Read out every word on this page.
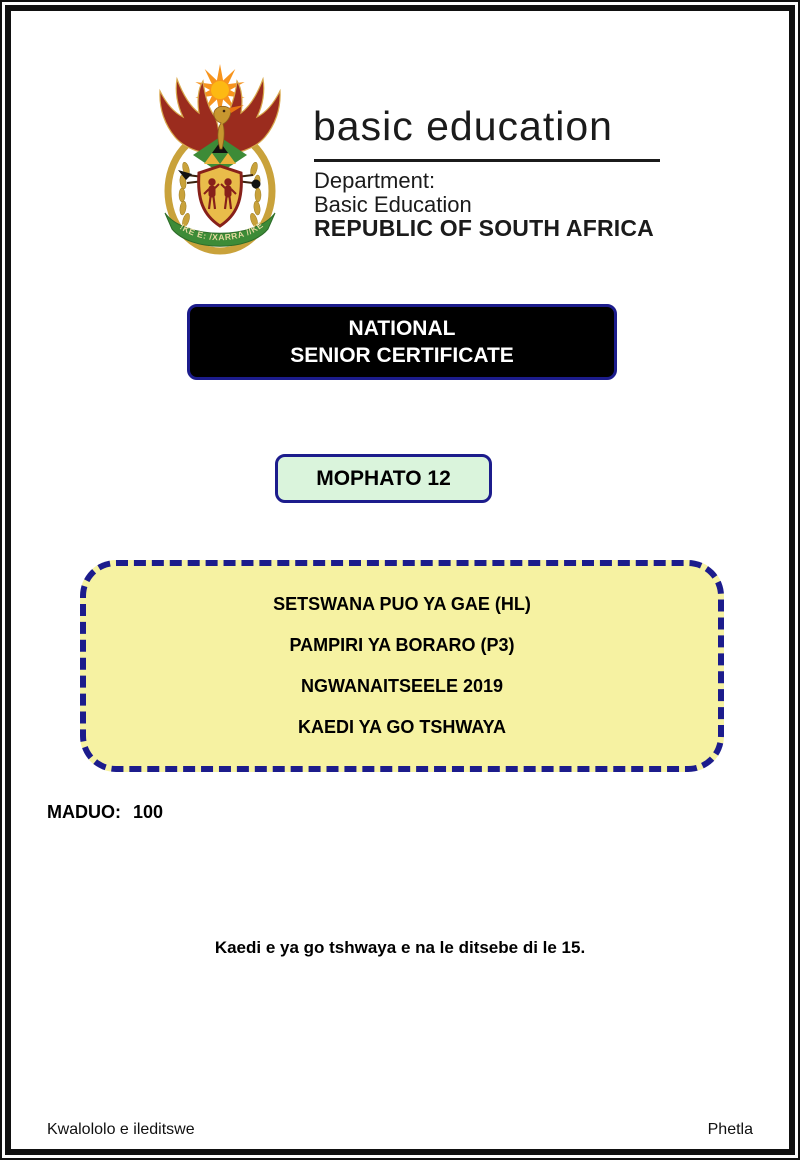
!KE E: /XARRA //KE
basic education
Department:
Basic Education
REPUBLIC OF SOUTH AFRICA
NATIONAL
SENIOR CERTIFICATE
MOPHATO 12
SETSWANA PUO YA GAE (HL)
PAMPIRI YA BORARO (P3)
NGWANAITSEELE 2019
KAEDI YA GO TSHWAYA
MADUO: 100
Kaedi e ya go tshwaya e na le ditsebe di le 15.
Kwalololo e ileditswe	Phetla
